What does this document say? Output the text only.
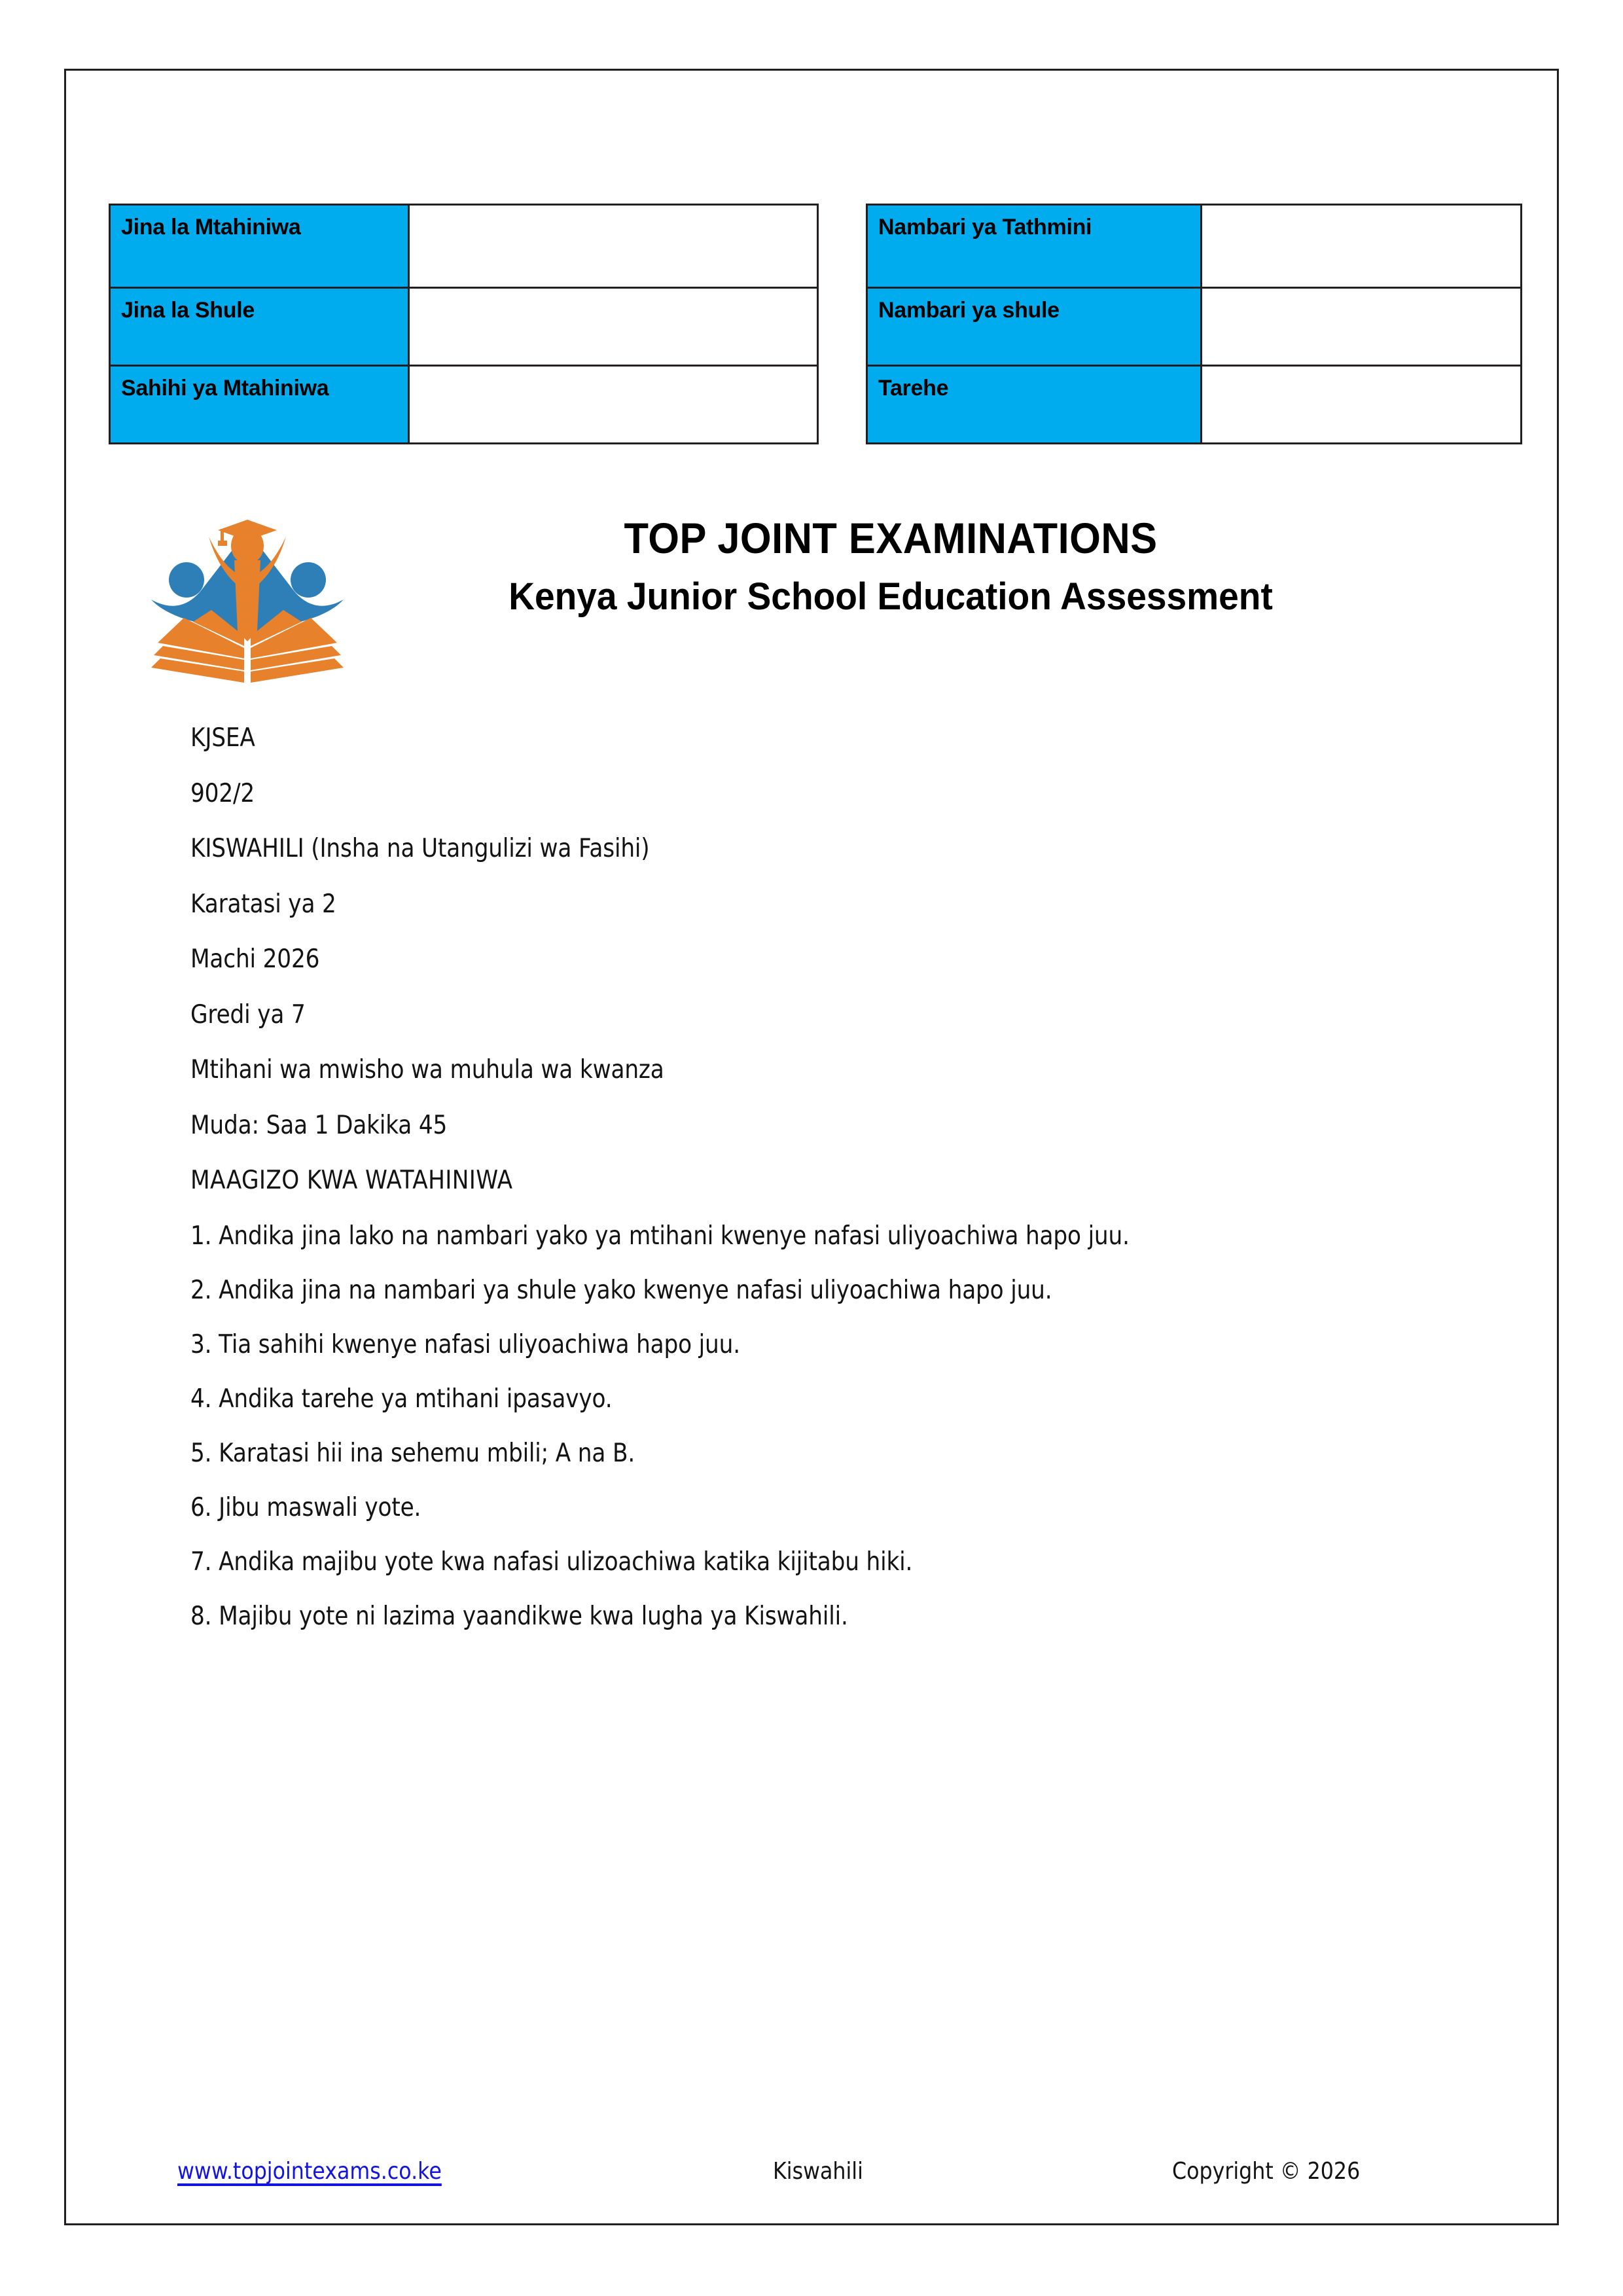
Jina la Mtahiniwa	
Jina la Shule	
Sahihi ya Mtahiniwa	
Nambari ya Tathmini	
Nambari ya shule	
Tarehe	
TOP JOINT EXAMINATIONS
Kenya Junior School Education Assessment
KJSEA
902/2
KISWAHILI (Insha na Utangulizi wa Fasihi)
Karatasi ya 2
Machi 2026
Gredi ya 7
Mtihani wa mwisho wa muhula wa kwanza
Muda: Saa 1 Dakika 45
MAAGIZO KWA WATAHINIWA
1. Andika jina lako na nambari yako ya mtihani kwenye nafasi uliyoachiwa hapo juu.
2. Andika jina na nambari ya shule yako kwenye nafasi uliyoachiwa hapo juu.
3. Tia sahihi kwenye nafasi uliyoachiwa hapo juu.
4. Andika tarehe ya mtihani ipasavyo.
5. Karatasi hii ina sehemu mbili; A na B.
6. Jibu maswali yote.
7. Andika majibu yote kwa nafasi ulizoachiwa katika kijitabu hiki.
8. Majibu yote ni lazima yaandikwe kwa lugha ya Kiswahili.
www.topjointexams.co.ke	Kiswahili	Copyright © 2026
